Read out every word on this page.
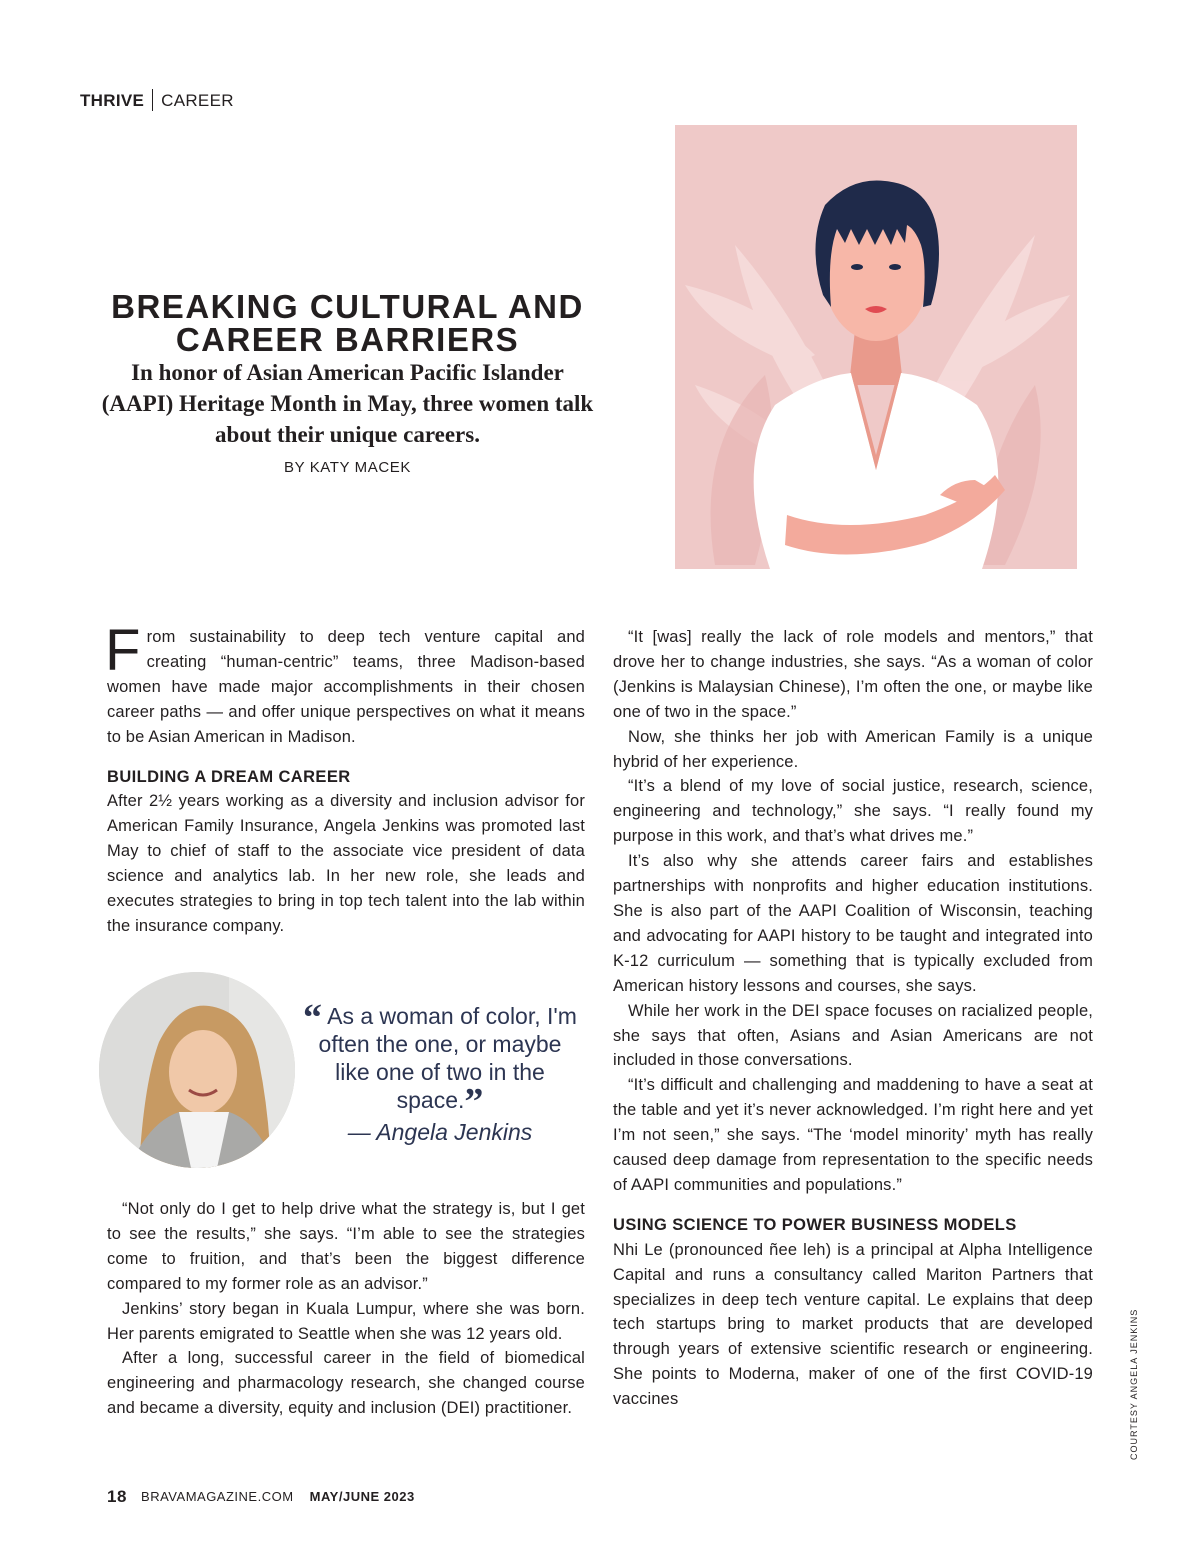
THRIVE CAREER
BREAKING CULTURAL AND
CAREER BARRIERS
In honor of Asian American Pacific Islander (AAPI) Heritage Month in May, three women talk about their unique careers.
BY KATY MACEK

From sustainability to deep tech venture capital and creating “human-centric” teams, three Madison-based women have made major accomplishments in their chosen career paths — and offer unique perspectives on what it means to be Asian American in Madison.

BUILDING A DREAM CAREER

After 2½ years working as a diversity and inclusion advisor for American Family Insurance, Angela Jenkins was promoted last May to chief of staff to the associate vice president of data science and analytics lab. In her new role, she leads and executes strategies to bring in top tech talent into the lab within the insurance company.

“ As a woman of color, I'm often the one, or maybe like one of two in the space.”
— Angela Jenkins

“Not only do I get to help drive what the strategy is, but I get to see the results,” she says. “I’m able to see the strategies come to fruition, and that’s been the biggest difference compared to my former role as an advisor.”

Jenkins’ story began in Kuala Lumpur, where she was born. Her parents emigrated to Seattle when she was 12 years old.

After a long, successful career in the field of biomedical engineering and pharmacology research, she changed course and became a diversity, equity and inclusion (DEI) practitioner.

“It [was] really the lack of role models and mentors,” that drove her to change industries, she says. “As a woman of color (Jenkins is Malaysian Chinese), I’m often the one, or maybe like one of two in the space.”

Now, she thinks her job with American Family is a unique hybrid of her experience.

“It’s a blend of my love of social justice, research, science, engineering and technology,” she says. “I really found my purpose in this work, and that’s what drives me.”

It’s also why she attends career fairs and establishes partnerships with nonprofits and higher education institutions. She is also part of the AAPI Coalition of Wisconsin, teaching and advocating for AAPI history to be taught and integrated into K-12 curriculum — something that is typically excluded from American history lessons and courses, she says.

While her work in the DEI space focuses on racialized people, she says that often, Asians and Asian Americans are not included in those conversations.

“It’s difficult and challenging and maddening to have a seat at the table and yet it’s never acknowledged. I’m right here and yet I’m not seen,” she says. “The ‘model minority’ myth has really caused deep damage from representation to the specific needs of AAPI communities and populations.”

USING SCIENCE TO POWER BUSINESS MODELS

Nhi Le (pronounced ñee leh) is a principal at Alpha Intelligence Capital and runs a consultancy called Mariton Partners that specializes in deep tech venture capital. Le explains that deep tech startups bring to market products that are developed through years of extensive scientific research or engineering. She points to Moderna, maker of one of the first COVID-19 vaccines	COURTESY ANGELA JENKINS
18 BRAVAMAGAZINE.COM MAY/JUNE 2023
